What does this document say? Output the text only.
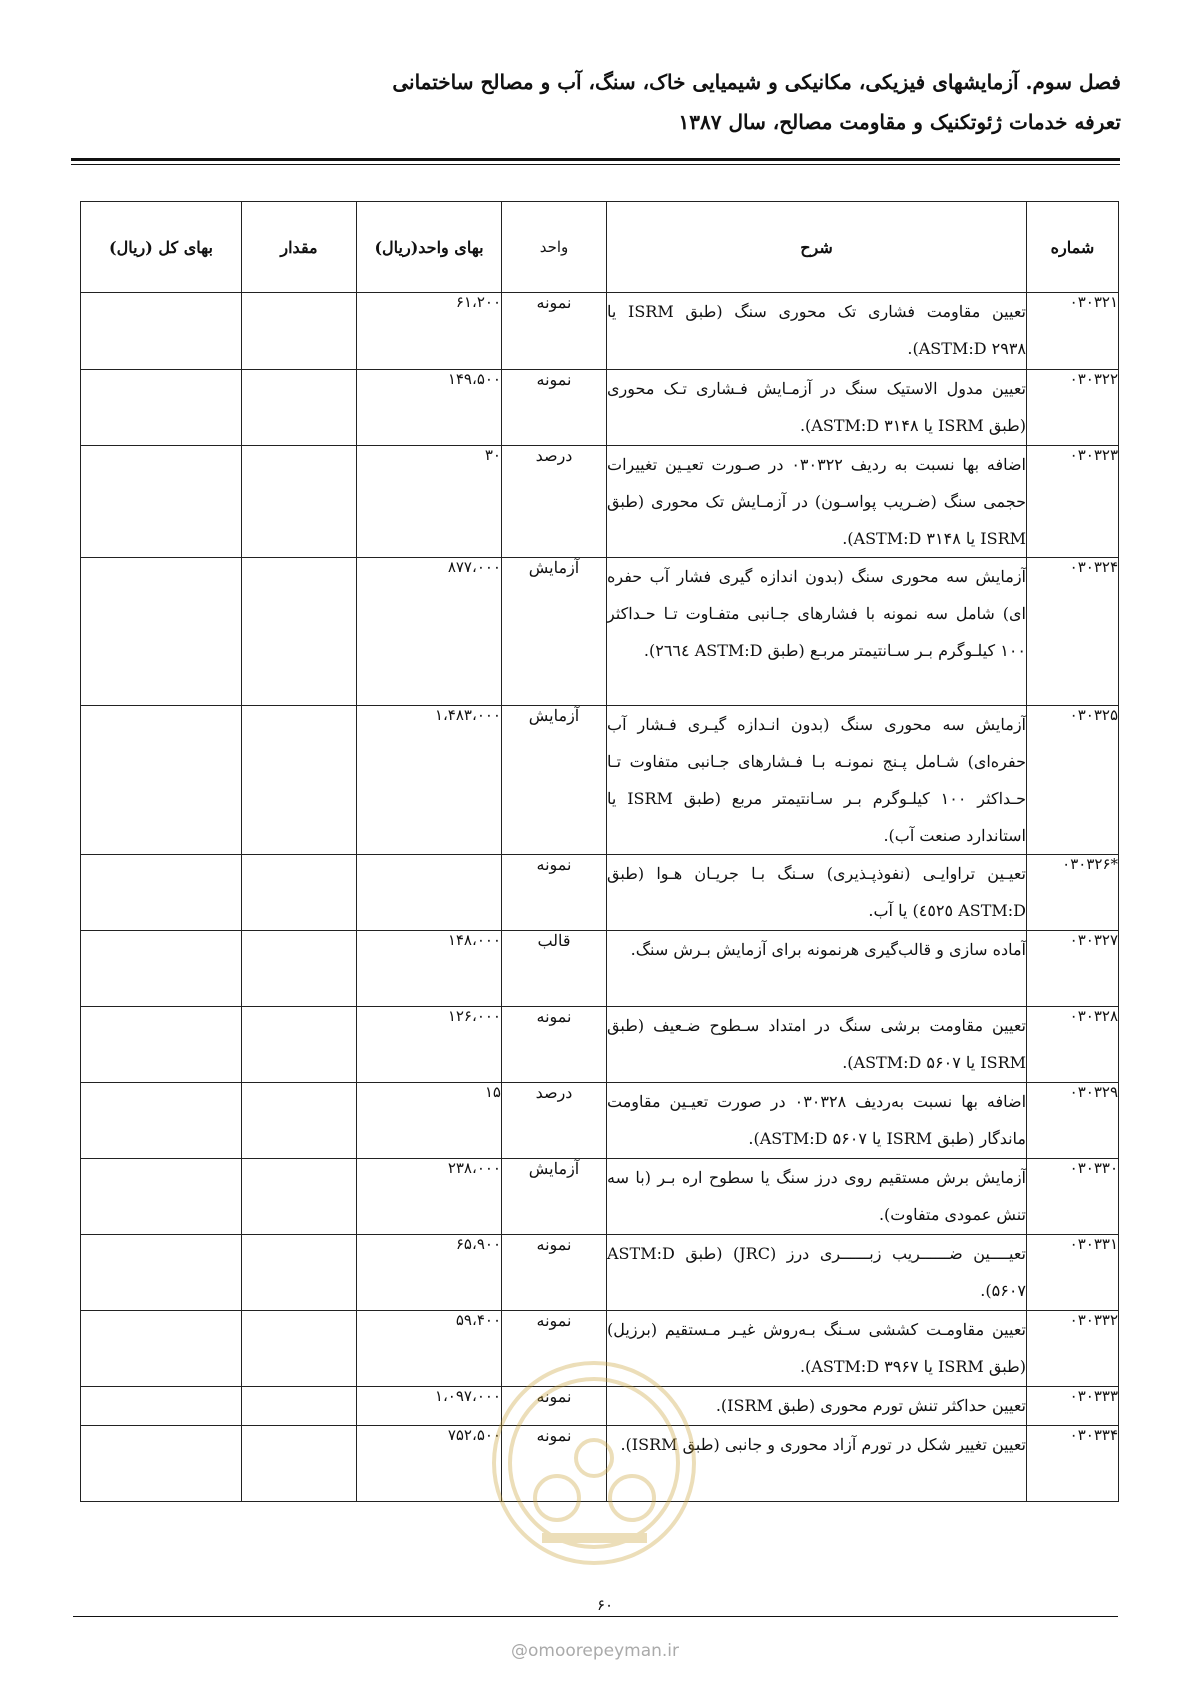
فصل سوم. آزمایشهای فیزیکی، مکانیکی و شیمیایی خاک، سنگ، آب و مصالح ساختمانی
تعرفه خدمات ژئوتکنیک و مقاومت مصالح، سال ۱۳۸۷
شماره	شرح	واحد	بهای واحد(ریال)	مقدار	بهای کل (ریال)
۰۳۰۳۲۱	تعیین مقاومت فشاری تک محوری سنگ (طبق ISRM یا ASTM:D ۲۹۳۸).	نمونه	۶۱،۲۰۰		
۰۳۰۳۲۲	تعیین مدول الاستیک سنگ در آزمـایش فـشاری تـک محوری (طبق ISRM یا ASTM:D ۳۱۴۸).	نمونه	۱۴۹،۵۰۰		
۰۳۰۳۲۳	اضافه بها نسبت به ردیف ۰۳۰۳۲۲ در صـورت تعیـین تغییرات حجمی سنگ (ضـریب پواسـون) در آزمـایش تک محوری (طبق ISRM یا ASTM:D ۳۱۴۸).	درصد	۳۰		
۰۳۰۳۲۴	آزمایش سه محوری سنگ (بدون اندازه گیری فشار آب حفره ای) شامل سه نمونه با فشارهای جـانبی متفـاوت تـا حـداکثر ۱۰۰ کیلـوگرم بـر سـانتیمتر مربـع (طبق ASTM:D ٢٦٦٤).	آزمایش	۸۷۷،۰۰۰		
۰۳۰۳۲۵	آزمایش سه محوری سنگ (بدون انـدازه گیـری فـشار آب حفره‌ای) شـامل پـنج نمونـه بـا فـشارهای جـانبی متفاوت تـا حـداکثر ۱۰۰ کیلـوگرم بـر سـانتیمتر مربع (طبق ISRM یا استاندارد صنعت آب).	آزمایش	۱،۴۸۳،۰۰۰		
*۰۳۰۳۲۶	تعیـین تراوایـی (نفوذپـذیری) سـنگ بـا جریـان هـوا (طبق ASTM:D ٤٥٢٥) یا آب.	نمونه			
۰۳۰۳۲۷	آماده سازی و قالب‌گیری هرنمونه برای آزمایش بـرش سنگ.	قالب	۱۴۸،۰۰۰		
۰۳۰۳۲۸	تعیین مقاومت برشی سنگ در امتداد سـطوح ضـعیف (طبق ISRM یا ASTM:D ۵۶۰۷).	نمونه	۱۲۶،۰۰۰		
۰۳۰۳۲۹	اضافه بها نسبت به‌ردیف ۰۳۰۳۲۸ در صورت تعیـین مقاومت ماندگار (طبق ISRM یا ASTM:D ۵۶۰۷).	درصد	۱۵		
۰۳۰۳۳۰	آزمایش برش مستقیم روی درز سنگ یا سطوح اره بـر (با سه تنش عمودی متفاوت).	آزمایش	۲۳۸،۰۰۰		
۰۳۰۳۳۱	تعیــــین ضــــــریب زبــــــری درز (JRC) (طبق ASTM:D ۵۶۰۷).	نمونه	۶۵،۹۰۰		
۰۳۰۳۳۲	تعیین مقاومـت کششی سـنگ بـه‌روش غیـر مـستقیم (برزیل) (طبق ISRM یا ASTM:D ۳۹۶۷).	نمونه	۵۹،۴۰۰		
۰۳۰۳۳۳	تعیین حداکثر تنش تورم محوری (طبق ISRM).	نمونه	۱،۰۹۷،۰۰۰		
۰۳۰۳۳۴	تعیین تغییر شکل در تورم آزاد محوری و جانبی (طبق ISRM).	نمونه	۷۵۲،۵۰۰		
۶۰
@omoorepeyman.ir
